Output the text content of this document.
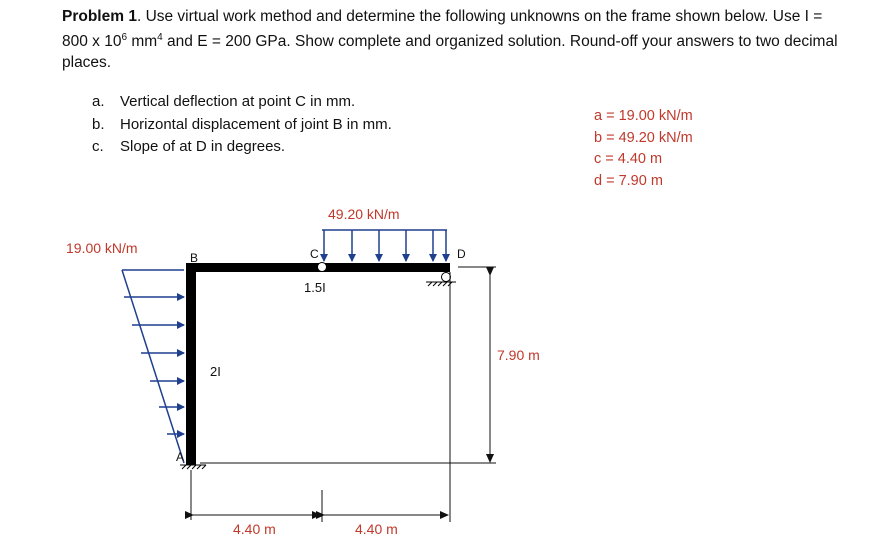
Problem 1. Use virtual work method and determine the following unknowns on the frame shown below. Use I = 800 x $10^6$ $mm^4$ and E = 200 GPa. Show complete and organized solution. Round-off your answers to two decimal places.
a.	Vertical deflection at point C in mm.
b.	Horizontal displacement of joint B in mm.
c.	Slope of at D in degrees.
a = 19.00 kN/m
b = 49.20 kN/m
c = 4.40 m
d = 7.90 m
49.20 kN/m
19.00 kN/m
B	C	D
A
1.5I
2I
7.90 m
4.40 m	4.40 m
